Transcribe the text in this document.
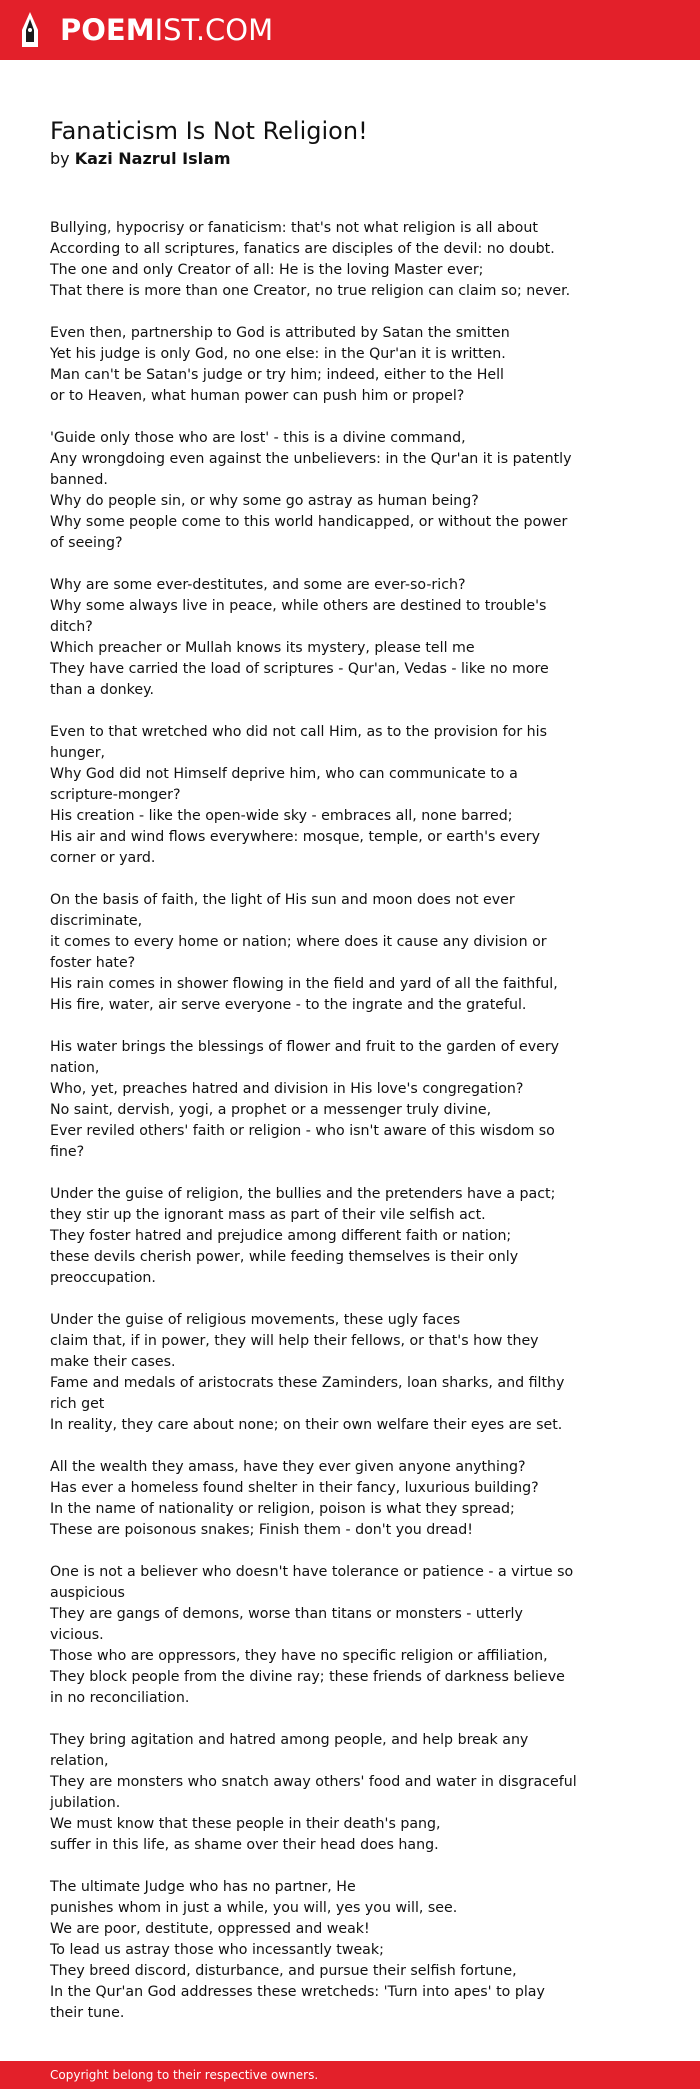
POEMIST.COM
Fanaticism Is Not Religion!
by Kazi Nazrul Islam

Bullying, hypocrisy or fanaticism: that's not what religion is all about
According to all scriptures, fanatics are disciples of the devil: no doubt.
The one and only Creator of all: He is the loving Master ever;
That there is more than one Creator, no true religion can claim so; never.

Even then, partnership to God is attributed by Satan the smitten
Yet his judge is only God, no one else: in the Qur'an it is written.
Man can't be Satan's judge or try him; indeed, either to the Hell
or to Heaven, what human power can push him or propel?

'Guide only those who are lost' - this is a divine command,
Any wrongdoing even against the unbelievers: in the Qur'an it is patently banned.
Why do people sin, or why some go astray as human being?
Why some people come to this world handicapped, or without the power of seeing?

Why are some ever-destitutes, and some are ever-so-rich?
Why some always live in peace, while others are destined to trouble's ditch?
Which preacher or Mullah knows its mystery, please tell me
They have carried the load of scriptures - Qur'an, Vedas - like no more than a donkey.

Even to that wretched who did not call Him, as to the provision for his hunger,
Why God did not Himself deprive him, who can communicate to a scripture-monger?
His creation - like the open-wide sky - embraces all, none barred;
His air and wind flows everywhere: mosque, temple, or earth's every corner or yard.

On the basis of faith, the light of His sun and moon does not ever discriminate,
it comes to every home or nation; where does it cause any division or foster hate?
His rain comes in shower flowing in the field and yard of all the faithful,
His fire, water, air serve everyone - to the ingrate and the grateful.

His water brings the blessings of flower and fruit to the garden of every nation,
Who, yet, preaches hatred and division in His love's congregation?
No saint, dervish, yogi, a prophet or a messenger truly divine,
Ever reviled others' faith or religion - who isn't aware of this wisdom so fine?

Under the guise of religion, the bullies and the pretenders have a pact;
they stir up the ignorant mass as part of their vile selfish act.
They foster hatred and prejudice among different faith or nation;
these devils cherish power, while feeding themselves is their only preoccupation.

Under the guise of religious movements, these ugly faces
claim that, if in power, they will help their fellows, or that's how they make their cases.
Fame and medals of aristocrats these Zaminders, loan sharks, and filthy rich get
In reality, they care about none; on their own welfare their eyes are set.

All the wealth they amass, have they ever given anyone anything?
Has ever a homeless found shelter in their fancy, luxurious building?
In the name of nationality or religion, poison is what they spread;
These are poisonous snakes; Finish them - don't you dread!

One is not a believer who doesn't have tolerance or patience - a virtue so auspicious
They are gangs of demons, worse than titans or monsters - utterly vicious.
Those who are oppressors, they have no specific religion or affiliation,
They block people from the divine ray; these friends of darkness believe in no reconciliation.

They bring agitation and hatred among people, and help break any relation,
They are monsters who snatch away others' food and water in disgraceful jubilation.
We must know that these people in their death's pang,
suffer in this life, as shame over their head does hang.

The ultimate Judge who has no partner, He
punishes whom in just a while, you will, yes you will, see.
We are poor, destitute, oppressed and weak!
To lead us astray those who incessantly tweak;
They breed discord, disturbance, and pursue their selfish fortune,
In the Qur'an God addresses these wretcheds: 'Turn into apes' to play their tune.

Copyright belong to their respective owners.
